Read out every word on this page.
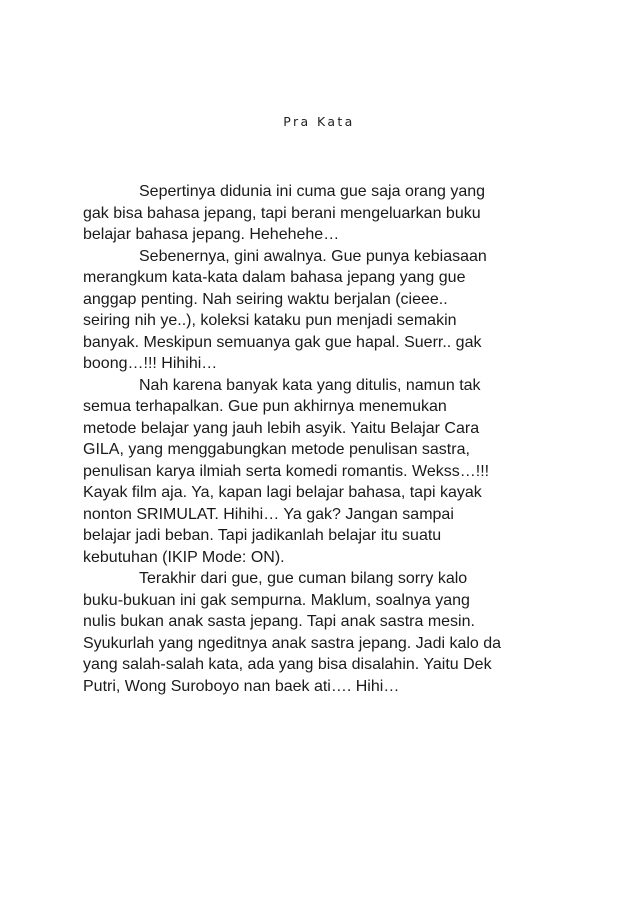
Pra Kata

Sepertinya didunia ini cuma gue saja orang yang
gak bisa bahasa jepang, tapi berani mengeluarkan buku
belajar bahasa jepang. Hehehehe…

Sebenernya, gini awalnya. Gue punya kebiasaan
merangkum kata-kata dalam bahasa jepang yang gue
anggap penting. Nah seiring waktu berjalan (cieee..
seiring nih ye..), koleksi kataku pun menjadi semakin
banyak. Meskipun semuanya gak gue hapal. Suerr.. gak
boong…!!! Hihihi…

Nah karena banyak kata yang ditulis, namun tak
semua terhapalkan. Gue pun akhirnya menemukan
metode belajar yang jauh lebih asyik. Yaitu Belajar Cara
GILA, yang menggabungkan metode penulisan sastra,
penulisan karya ilmiah serta komedi romantis. Wekss…!!!
Kayak film aja. Ya, kapan lagi belajar bahasa, tapi kayak
nonton SRIMULAT. Hihihi… Ya gak? Jangan sampai
belajar jadi beban. Tapi jadikanlah belajar itu suatu
kebutuhan (IKIP Mode: ON).

Terakhir dari gue, gue cuman bilang sorry kalo
buku-bukuan ini gak sempurna. Maklum, soalnya yang
nulis bukan anak sasta jepang. Tapi anak sastra mesin.
Syukurlah yang ngeditnya anak sastra jepang. Jadi kalo da
yang salah-salah kata, ada yang bisa disalahin. Yaitu Dek
Putri, Wong Suroboyo nan baek ati…. Hihi…
